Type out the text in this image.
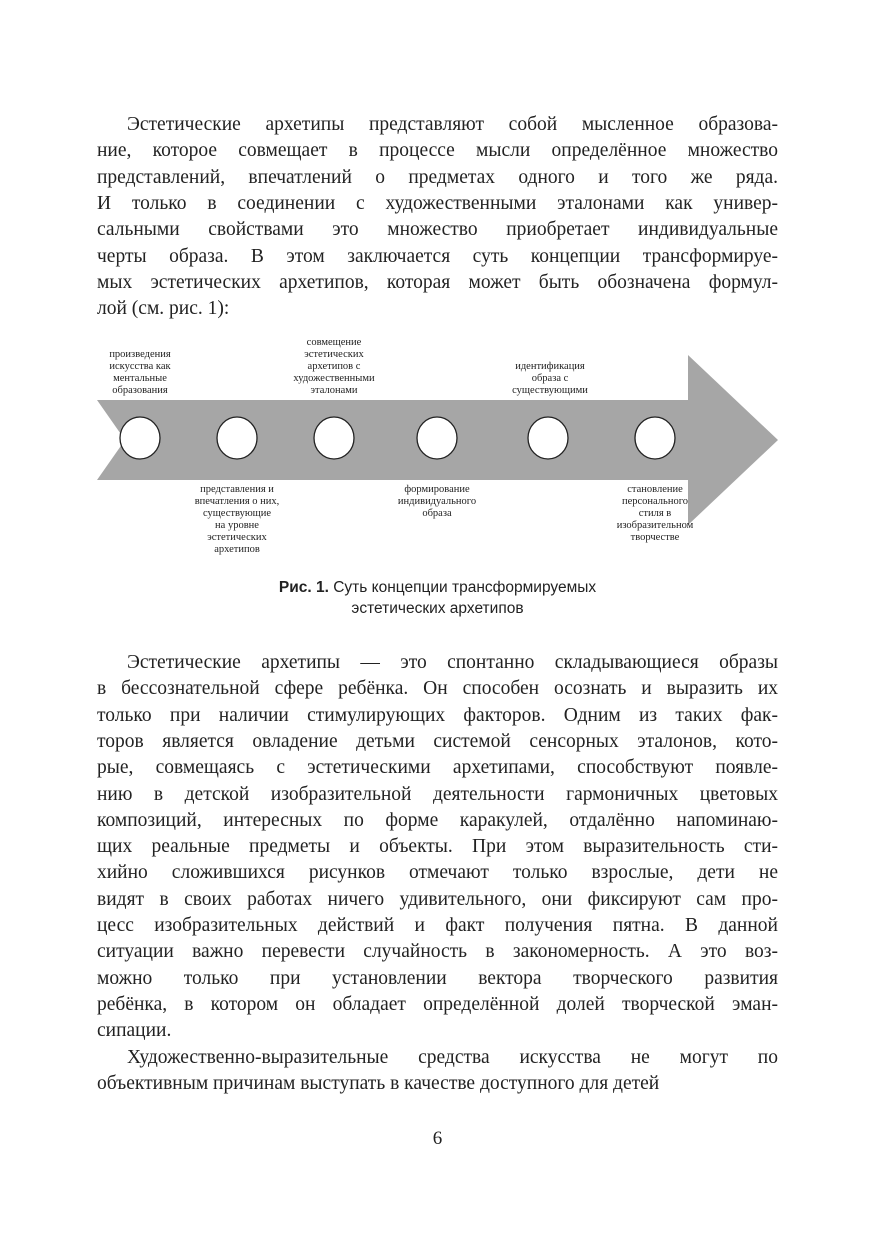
Эстетические архетипы представляют собой мысленное образова-
ние, которое совмещает в процессе мысли определённое множество
представлений, впечатлений о предметах одного и того же ряда.
И только в соединении с художественными эталонами как универ-
сальными свойствами это множество приобретает индивидуальные
черты образа. В этом заключается суть концепции трансформируе-
мых эстетических архетипов, которая может быть обозначена формул-
лой (см. рис. 1):
Эстетические архетипы — это спонтанно складывающиеся образы
в бессознательной сфере ребёнка. Он способен осознать и выразить их
только при наличии стимулирующих факторов. Одним из таких фак-
торов является овладение детьми системой сенсорных эталонов, кото-
рые, совмещаясь с эстетическими архетипами, способствуют появле-
нию в детской изобразительной деятельности гармоничных цветовых
композиций, интересных по форме каракулей, отдалённо напоминаю-
щих реальные предметы и объекты. При этом выразительность сти-
хийно сложившихся рисунков отмечают только взрослые, дети не
видят в своих работах ничего удивительного, они фиксируют сам про-
цесс изобразительных действий и факт получения пятна. В данной
ситуации важно перевести случайность в закономерность. А это воз-
можно только при установлении вектора творческого развития
ребёнка, в котором он обладает определённой долей творческой эман-
сипации.
Художественно-выразительные средства искусства не могут по
объективным причинам выступать в качестве доступного для детей
произведения
искусства как
ментальные
образования
совмещение
эстетических
архетипов с
художественными
эталонами
идентификация
образа с
существующими
представления и
впечатления о них,
существующие
на уровне
эстетических
архетипов
формирование
индивидуального
образа
становление
персонального
стиля в
изобразительном
творчестве
Рис. 1. Суть концепции трансформируемых
эстетических архетипов
6
